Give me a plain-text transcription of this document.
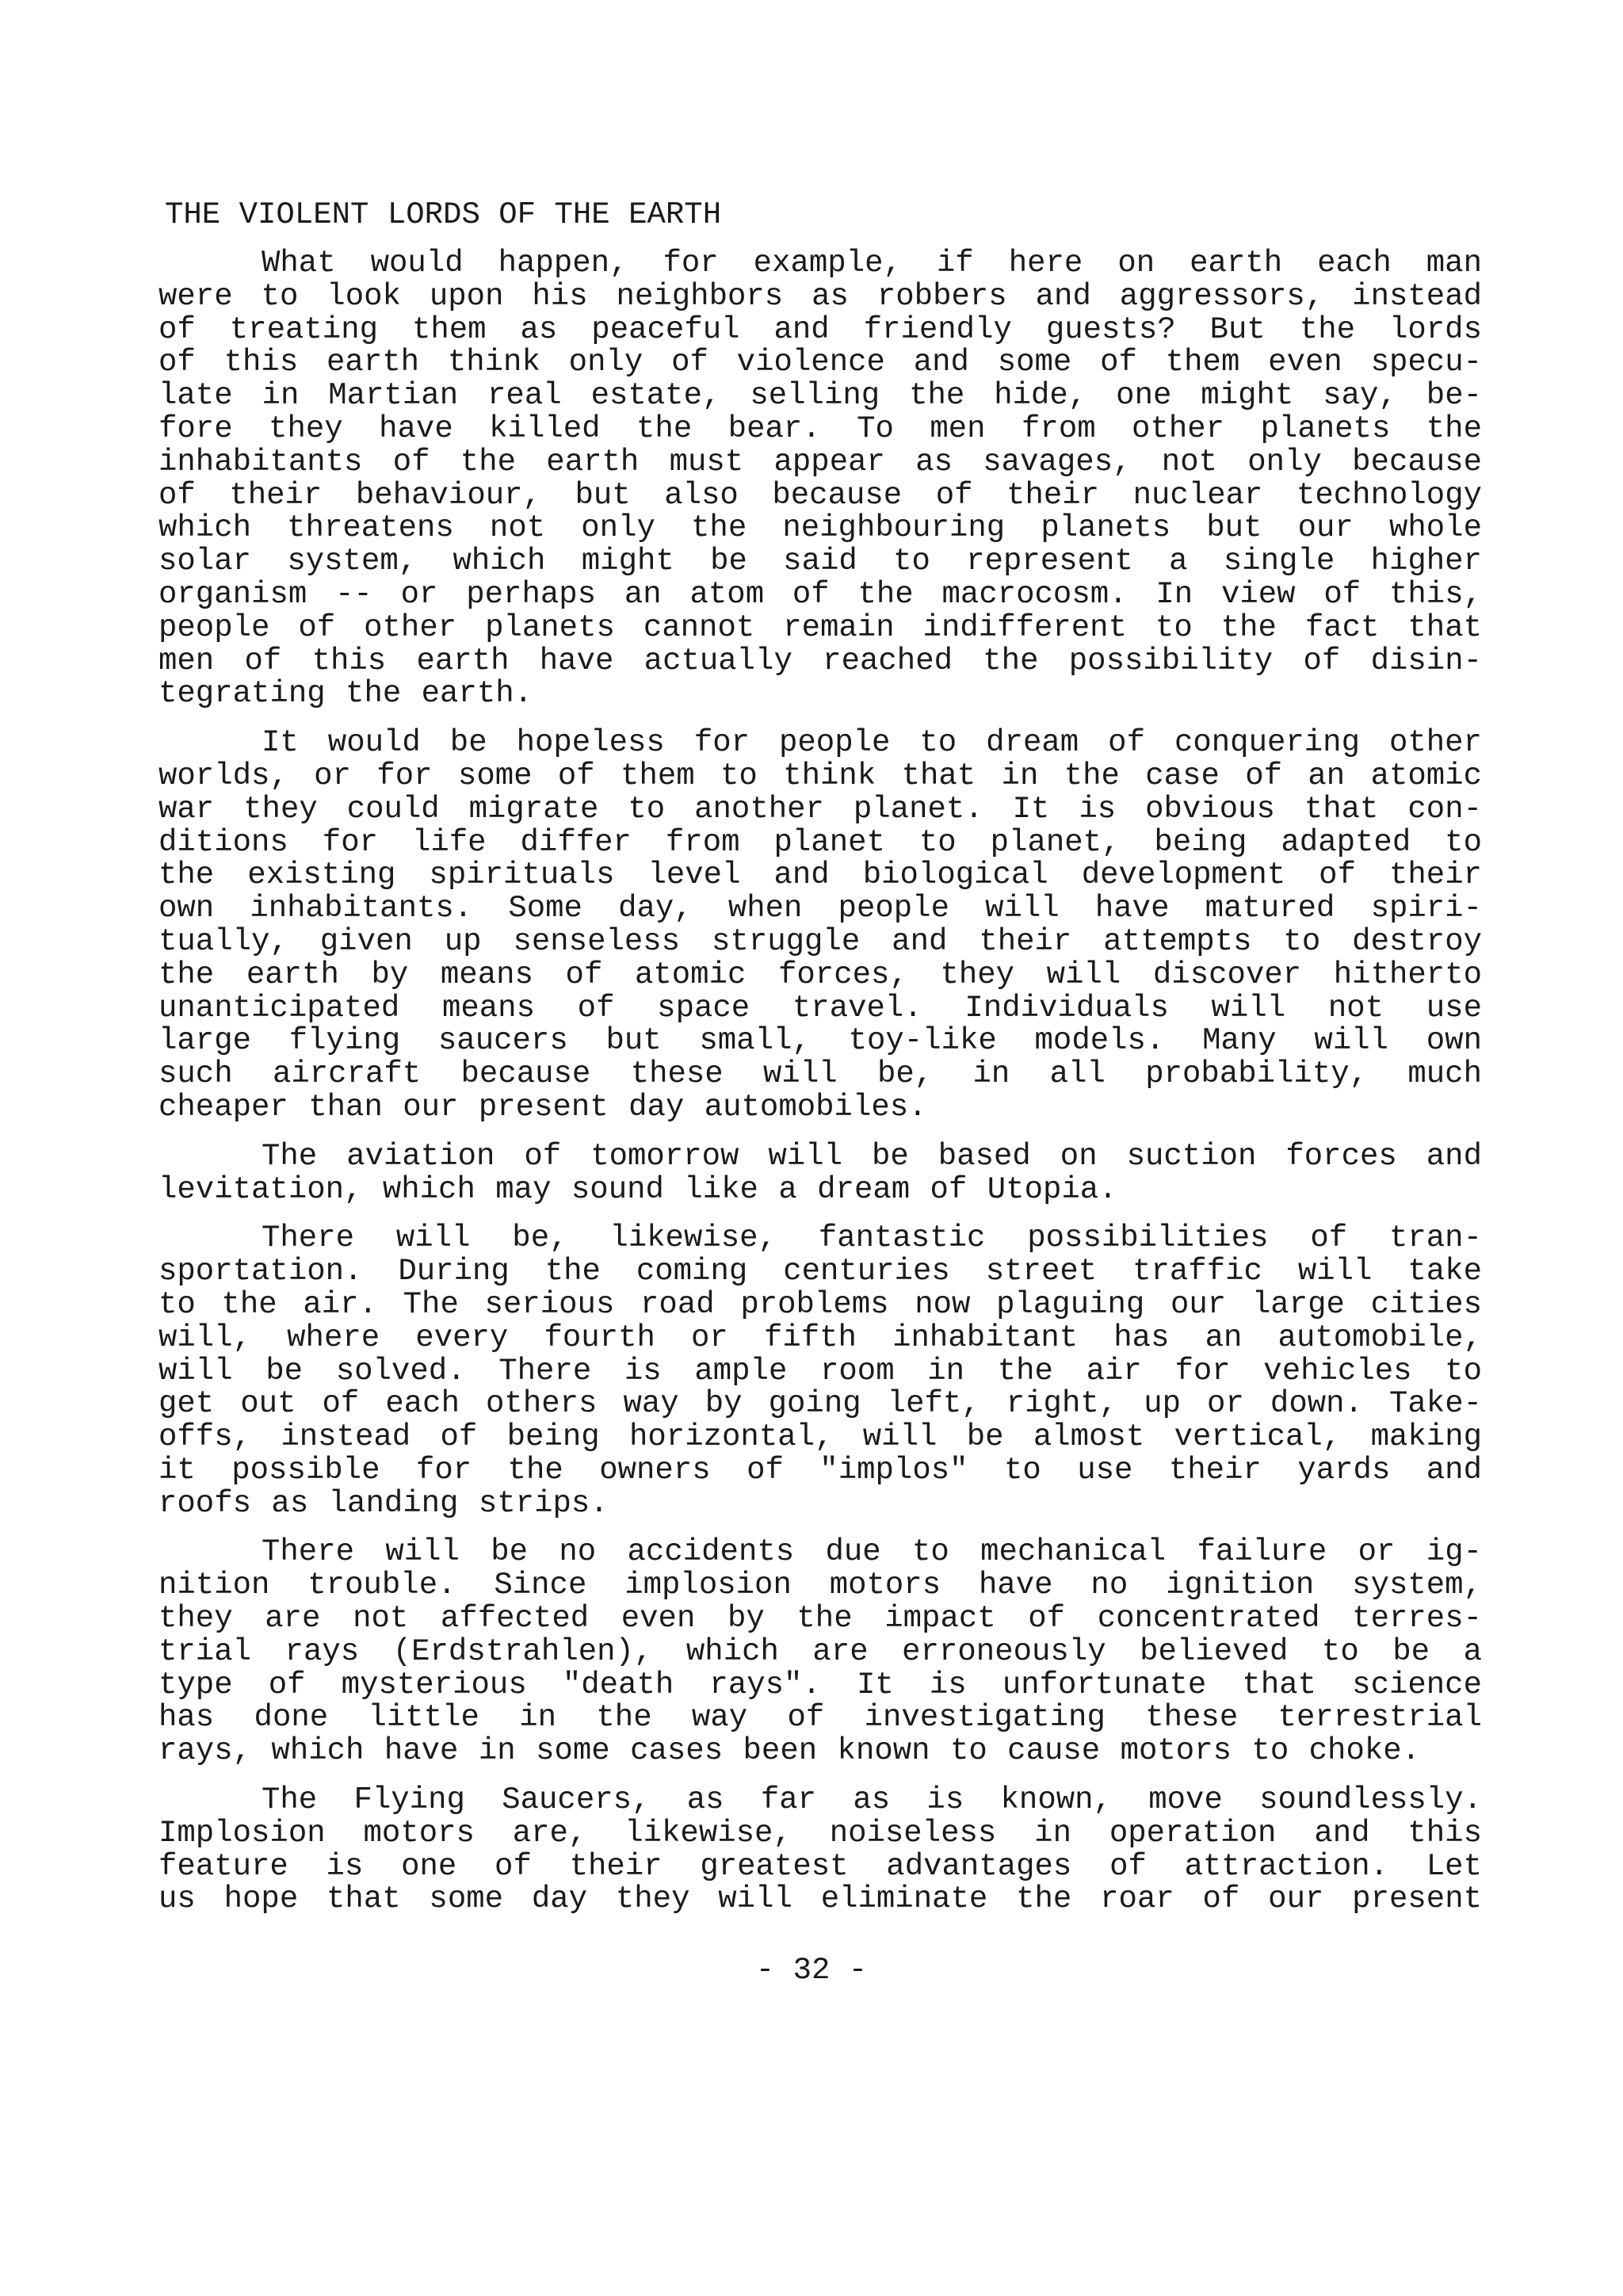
THE VIOLENT LORDS OF THE EARTH
What would happen, for example, if here on earth each man
were to look upon his neighbors as robbers and aggressors, instead
of treating them as peaceful and friendly guests? But the lords
of this earth think only of violence and some of them even specu-
late in Martian real estate, selling the hide, one might say, be-
fore they have killed the bear. To men from other planets the
inhabitants of the earth must appear as savages, not only because
of their behaviour, but also because of their nuclear technology
which threatens not only the neighbouring planets but our whole
solar system, which might be said to represent a single higher
organism -- or perhaps an atom of the macrocosm. In view of this,
people of other planets cannot remain indifferent to the fact that
men of this earth have actually reached the possibility of disin-
tegrating the earth.
It would be hopeless for people to dream of conquering other
worlds, or for some of them to think that in the case of an atomic
war they could migrate to another planet. It is obvious that con-
ditions for life differ from planet to planet, being adapted to
the existing spirituals level and biological development of their
own inhabitants. Some day, when people will have matured spiri-
tually, given up senseless struggle and their attempts to destroy
the earth by means of atomic forces, they will discover hitherto
unanticipated means of space travel. Individuals will not use
large flying saucers but small, toy-like models. Many will own
such aircraft because these will be, in all probability, much
cheaper than our present day automobiles.
The aviation of tomorrow will be based on suction forces and
levitation, which may sound like a dream of Utopia.
There will be, likewise, fantastic possibilities of tran-
sportation. During the coming centuries street traffic will take
to the air. The serious road problems now plaguing our large cities
will, where every fourth or fifth inhabitant has an automobile,
will be solved. There is ample room in the air for vehicles to
get out of each others way by going left, right, up or down. Take-
offs, instead of being horizontal, will be almost vertical, making
it possible for the owners of "implos" to use their yards and
roofs as landing strips.
There will be no accidents due to mechanical failure or ig-
nition trouble. Since implosion motors have no ignition system,
they are not affected even by the impact of concentrated terres-
trial rays (Erdstrahlen), which are erroneously believed to be a
type of mysterious "death rays". It is unfortunate that science
has done little in the way of investigating these terrestrial
rays, which have in some cases been known to cause motors to choke.
The Flying Saucers, as far as is known, move soundlessly.
Implosion motors are, likewise, noiseless in operation and this
feature is one of their greatest advantages of attraction. Let
us hope that some day they will eliminate the roar of our present
- 32 -
